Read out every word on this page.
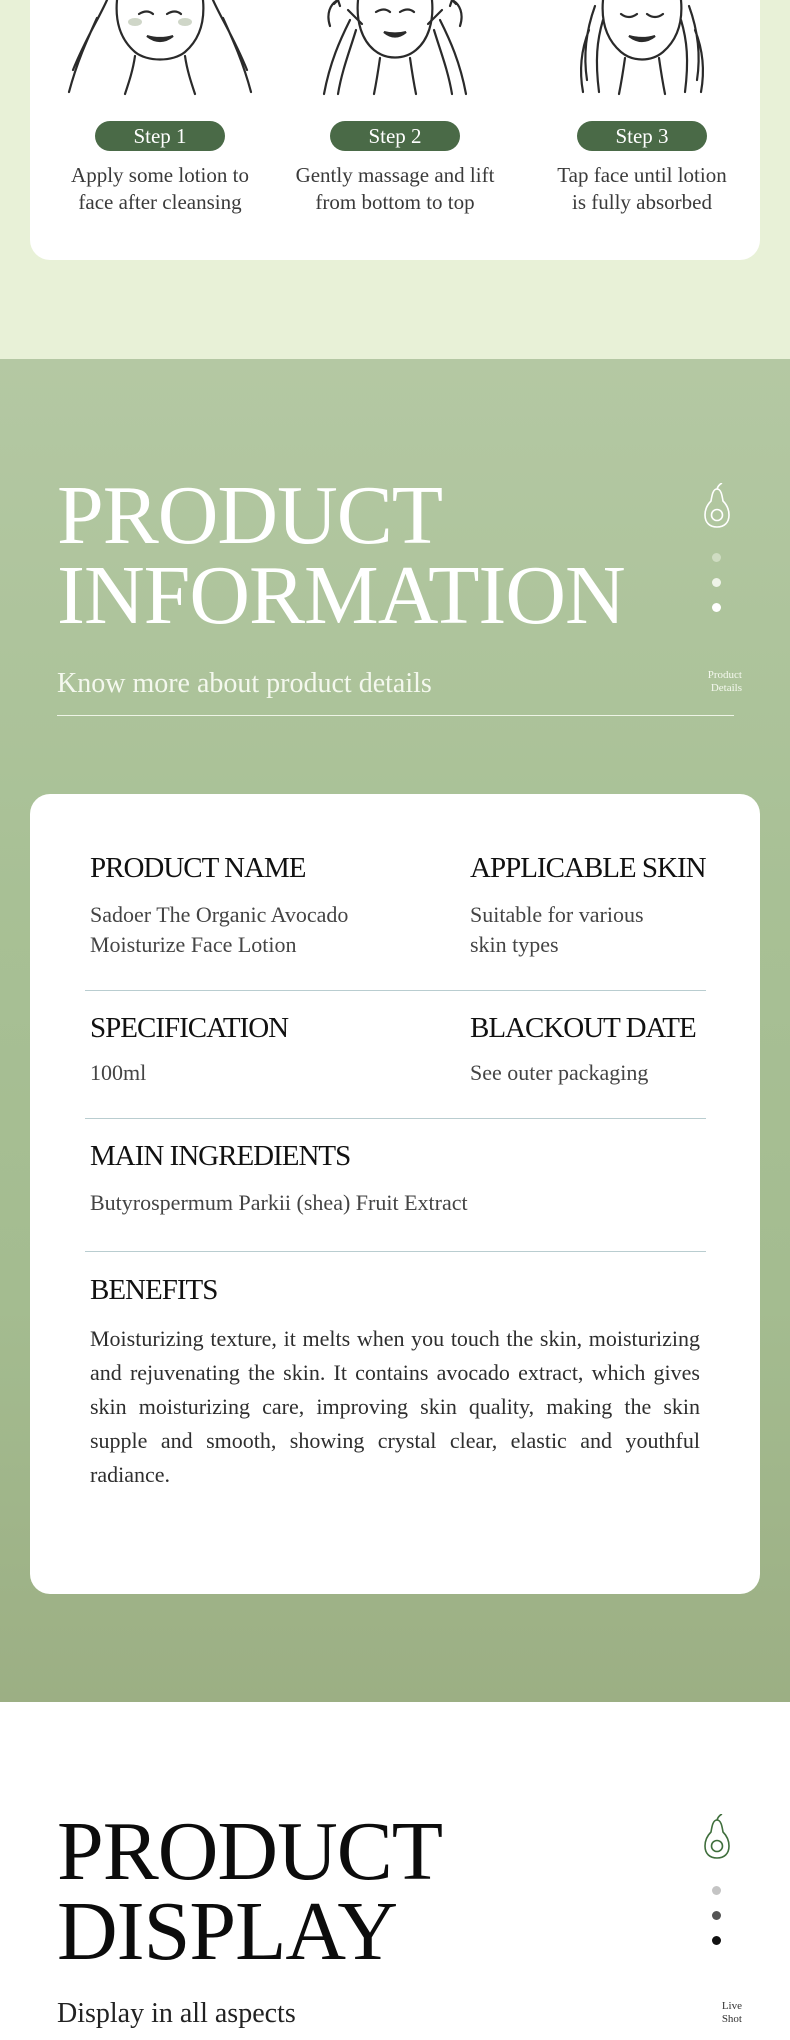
Step 1
Apply some lotion to
face after cleansing
Step 2
Gently massage and lift
from bottom to top
Step 3
Tap face until lotion
is fully absorbed
PRODUCT
INFORMATION
Product
Details
Know more about product details
PRODUCT NAME
Sadoer The Organic Avocado
Moisturize Face Lotion
APPLICABLE SKIN
Suitable for various
skin types
SPECIFICATION
100ml
BLACKOUT DATE
See outer packaging
MAIN INGREDIENTS
Butyrospermum Parkii (shea) Fruit Extract
BENEFITS
Moisturizing texture, it melts when you touch the skin, moisturizing and rejuvenating the skin. It contains avocado extract, which gives skin moisturizing care, improving skin quality, making the skin supple and smooth, showing crystal clear, elastic and youthful radiance.
PRODUCT
DISPLAY
Live
Shot
Display in all aspects
